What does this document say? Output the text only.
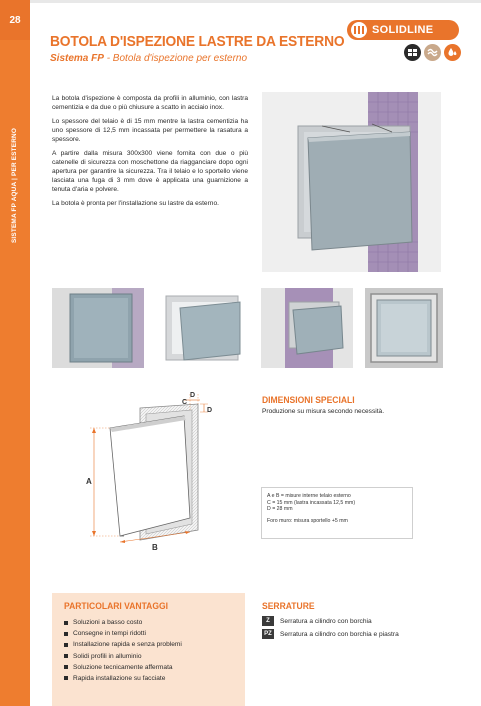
28
SISTEMA FP AQUA | PER ESTERNO
BOTOLA D'ISPEZIONE LASTRE DA ESTERNO
Sistema FP - Botola d'ispezione per esterno
SOLIDLINE

La botola d'ispezione è composta da profili in alluminio, con lastra cementizia e da due o più chiusure a scatto in acciaio inox.

Lo spessore del telaio è di 15 mm mentre la lastra cementizia ha uno spessore di 12,5 mm incassata per permettere la rasatura a spessore.

A partire dalla misura 300x300 viene fornita con due o più catenelle di sicurezza con moschettone da riagganciare dopo ogni apertura per garantire la sicurezza. Tra il telaio e lo sportello viene lasciata una fuga di 3 mm dove è applicata una guarnizione a tenuta d'aria e polvere.

La botola è pronta per l'installazione su lastre da esterno.

A
B
C
D
D
DIMENSIONI SPECIALI
Produzione su misura secondo necessità.
A e B = misure interne telaio esterno
C = 15 mm (lastra incassata 12,5 mm)
D = 28 mm
Foro muro: misura sportello +5 mm
PARTICOLARI VANTAGGI
Soluzioni a basso costo
Consegne in tempi ridotti
Installazione rapida e senza problemi
Solidi profili in alluminio
Soluzione tecnicamente affermata
Rapida installazione su facciate
SERRATURE
Z	Serratura a cilindro con borchia
PZ	Serratura a cilindro con borchia e piastra
